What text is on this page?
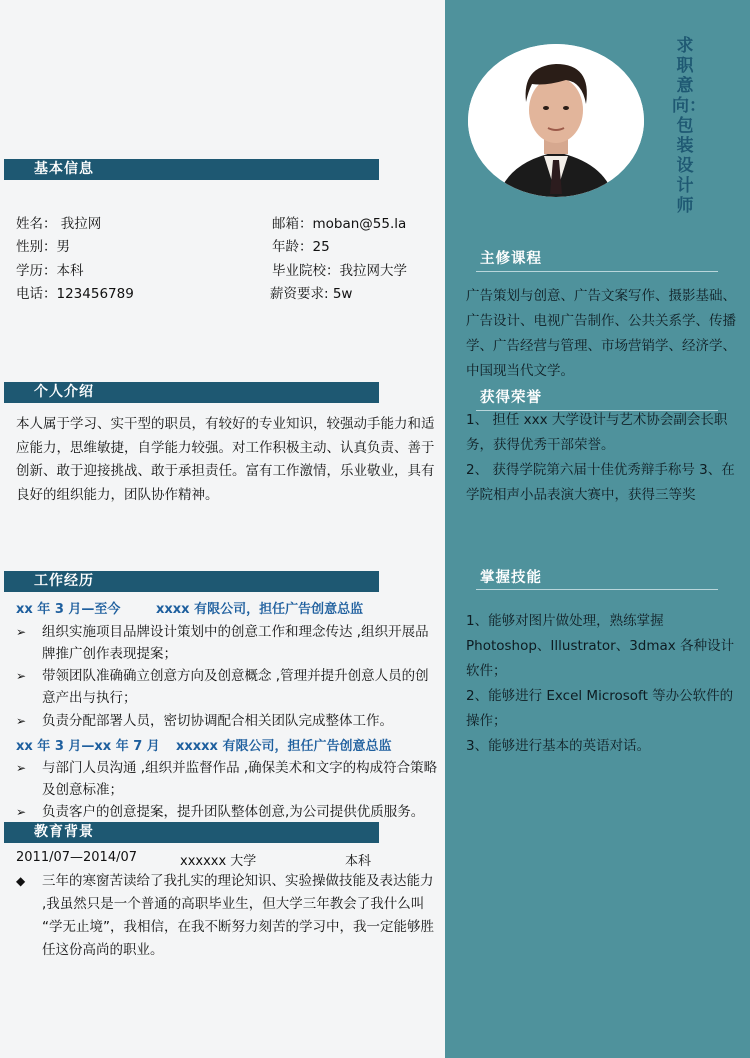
基本信息
姓名： 我拉网	邮箱：moban@55.la
性别：男	年龄：25
学历：本科	毕业院校：我拉网大学
电话：123456789	薪资要求: 5w
个人介绍
本人属于学习、实干型的职员，有较好的专业知识，较强动手能力和适应能力，思维敏捷，自学能力较强。对工作积极主动、认真负责、善于创新、敢于迎接挑战、敢于承担责任。富有工作激情，乐业敬业，具有良好的组织能力，团队协作精神。
工作经历
xx 年 3 月—至今	xxxx 有限公司，担任广告创意总监
➢	组织实施项目品牌设计策划中的创意工作和理念传达 ,组织开展品牌推广创作表现提案；
➢	带领团队准确确立创意方向及创意概念 ,管理并提升创意人员的创意产出与执行；
➢	负责分配部署人员，密切协调配合相关团队完成整体工作。
xx 年 3 月—xx 年 7 月 xxxxx 有限公司，担任广告创意总监
➢	与部门人员沟通 ,组织并监督作品 ,确保美术和文字的构成符合策略及创意标准；
➢	负责客户的创意提案，提升团队整体创意,为公司提供优质服务。
教育背景
2011/07—2014/07	xxxxxx 大学	本科
◆	三年的寒窗苦读给了我扎实的理论知识、实验操做技能及表达能力 ,我虽然只是一个普通的高职毕业生，但大学三年教会了我什么叫 “学无止境”，我相信，在我不断努力刻苦的学习中，我一定能够胜任这份高尚的职业。
求职意向：包装设计师
主修课程
广告策划与创意、广告文案写作、摄影基础、广告设计、电视广告制作、公共关系学、传播学、广告经营与管理、市场营销学、经济学、中国现当代文学。
获得荣誉
1、 担任 xxx 大学设计与艺术协会副会长职务，获得优秀干部荣誉。
2、 获得学院第六届十佳优秀辩手称号 3、在学院相声小品表演大赛中，获得三等奖
掌握技能
1、能够对图片做处理，熟练掌握Photoshop、Illustrator、3dmax 各种设计软件；
2、能够进行 Excel Microsoft 等办公软件的操作；
3、能够进行基本的英语对话。
